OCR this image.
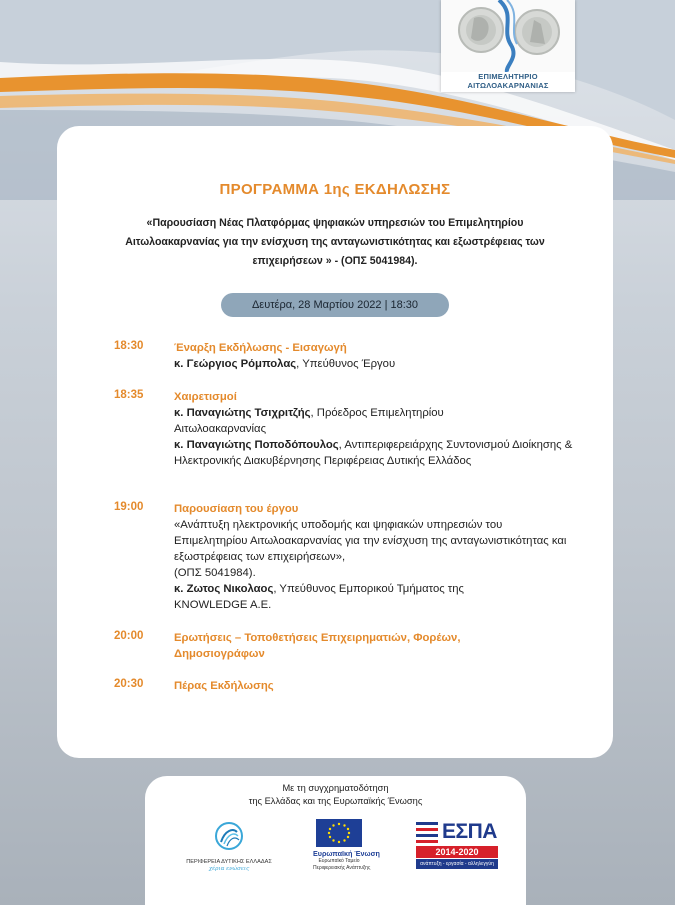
ΕΠΙΜΕΛΗΤΗΡΙΟ ΑΙΤΩΛΟΑΚΑΡΝΑΝΙΑΣ
ΠΡΟΓΡΑΜΜΑ 1ης ΕΚΔΗΛΩΣΗΣ
«Παρουσίαση Νέας Πλατφόρμας ψηφιακών υπηρεσιών του Επιμελητηρίου
Αιτωλοακαρνανίας για την ενίσχυση της ανταγωνιστικότητας και εξωστρέφειας των
επιχειρήσεων » - (ΟΠΣ 5041984).
Δευτέρα, 28 Μαρτίου 2022 | 18:30
18:30	Έναρξη Εκδήλωσης - Εισαγωγή
κ. Γεώργιος Ρόμπολας, Υπεύθυνος Έργου
18:35	Χαιρετισμοί
κ. Παναγιώτης Τσιχριτζής, Πρόεδρος Επιμελητηρίου Αιτωλοακαρνανίας
κ. Παναγιώτης Ποποδόπουλος, Αντιπεριφερειάρχης Συντονισμού Διοίκησης & Ηλεκτρονικής Διακυβέρνησης Περιφέρειας Δυτικής Ελλάδος
19:00	Παρουσίαση του έργου
«Ανάπτυξη ηλεκτρονικής υποδομής και ψηφιακών υπηρεσιών του Επιμελητηρίου Αιτωλοακαρνανίας για την ενίσχυση της ανταγωνιστικότητας και εξωστρέφειας των επιχειρήσεων»,
(ΟΠΣ 5041984).
κ. Ζωτος Νικολαος, Υπεύθυνος Εμπορικού Τμήματος της KNOWLEDGE A.E.
20:00	Ερωτήσεις – Τοποθετήσεις Επιχειρηματιών, Φορέων, Δημοσιογράφων
20:30	Πέρας Εκδήλωσης
Με τη συγχρηματοδότηση
της Ελλάδας και της Ευρωπαϊκής Ένωσης
ΠΕΡΙΦΕΡΕΙΑ ΔΥΤΙΚΗΣ ΕΛΛΑΔΑΣ
χέρια ενώσεις
Ευρωπαϊκή Ένωση
Ευρωπαϊκό Ταμείο
Περιφερειακής Ανάπτυξης
ΕΣΠΑ
2014-2020
ανάπτυξη - εργασία - αλληλεγγύη
